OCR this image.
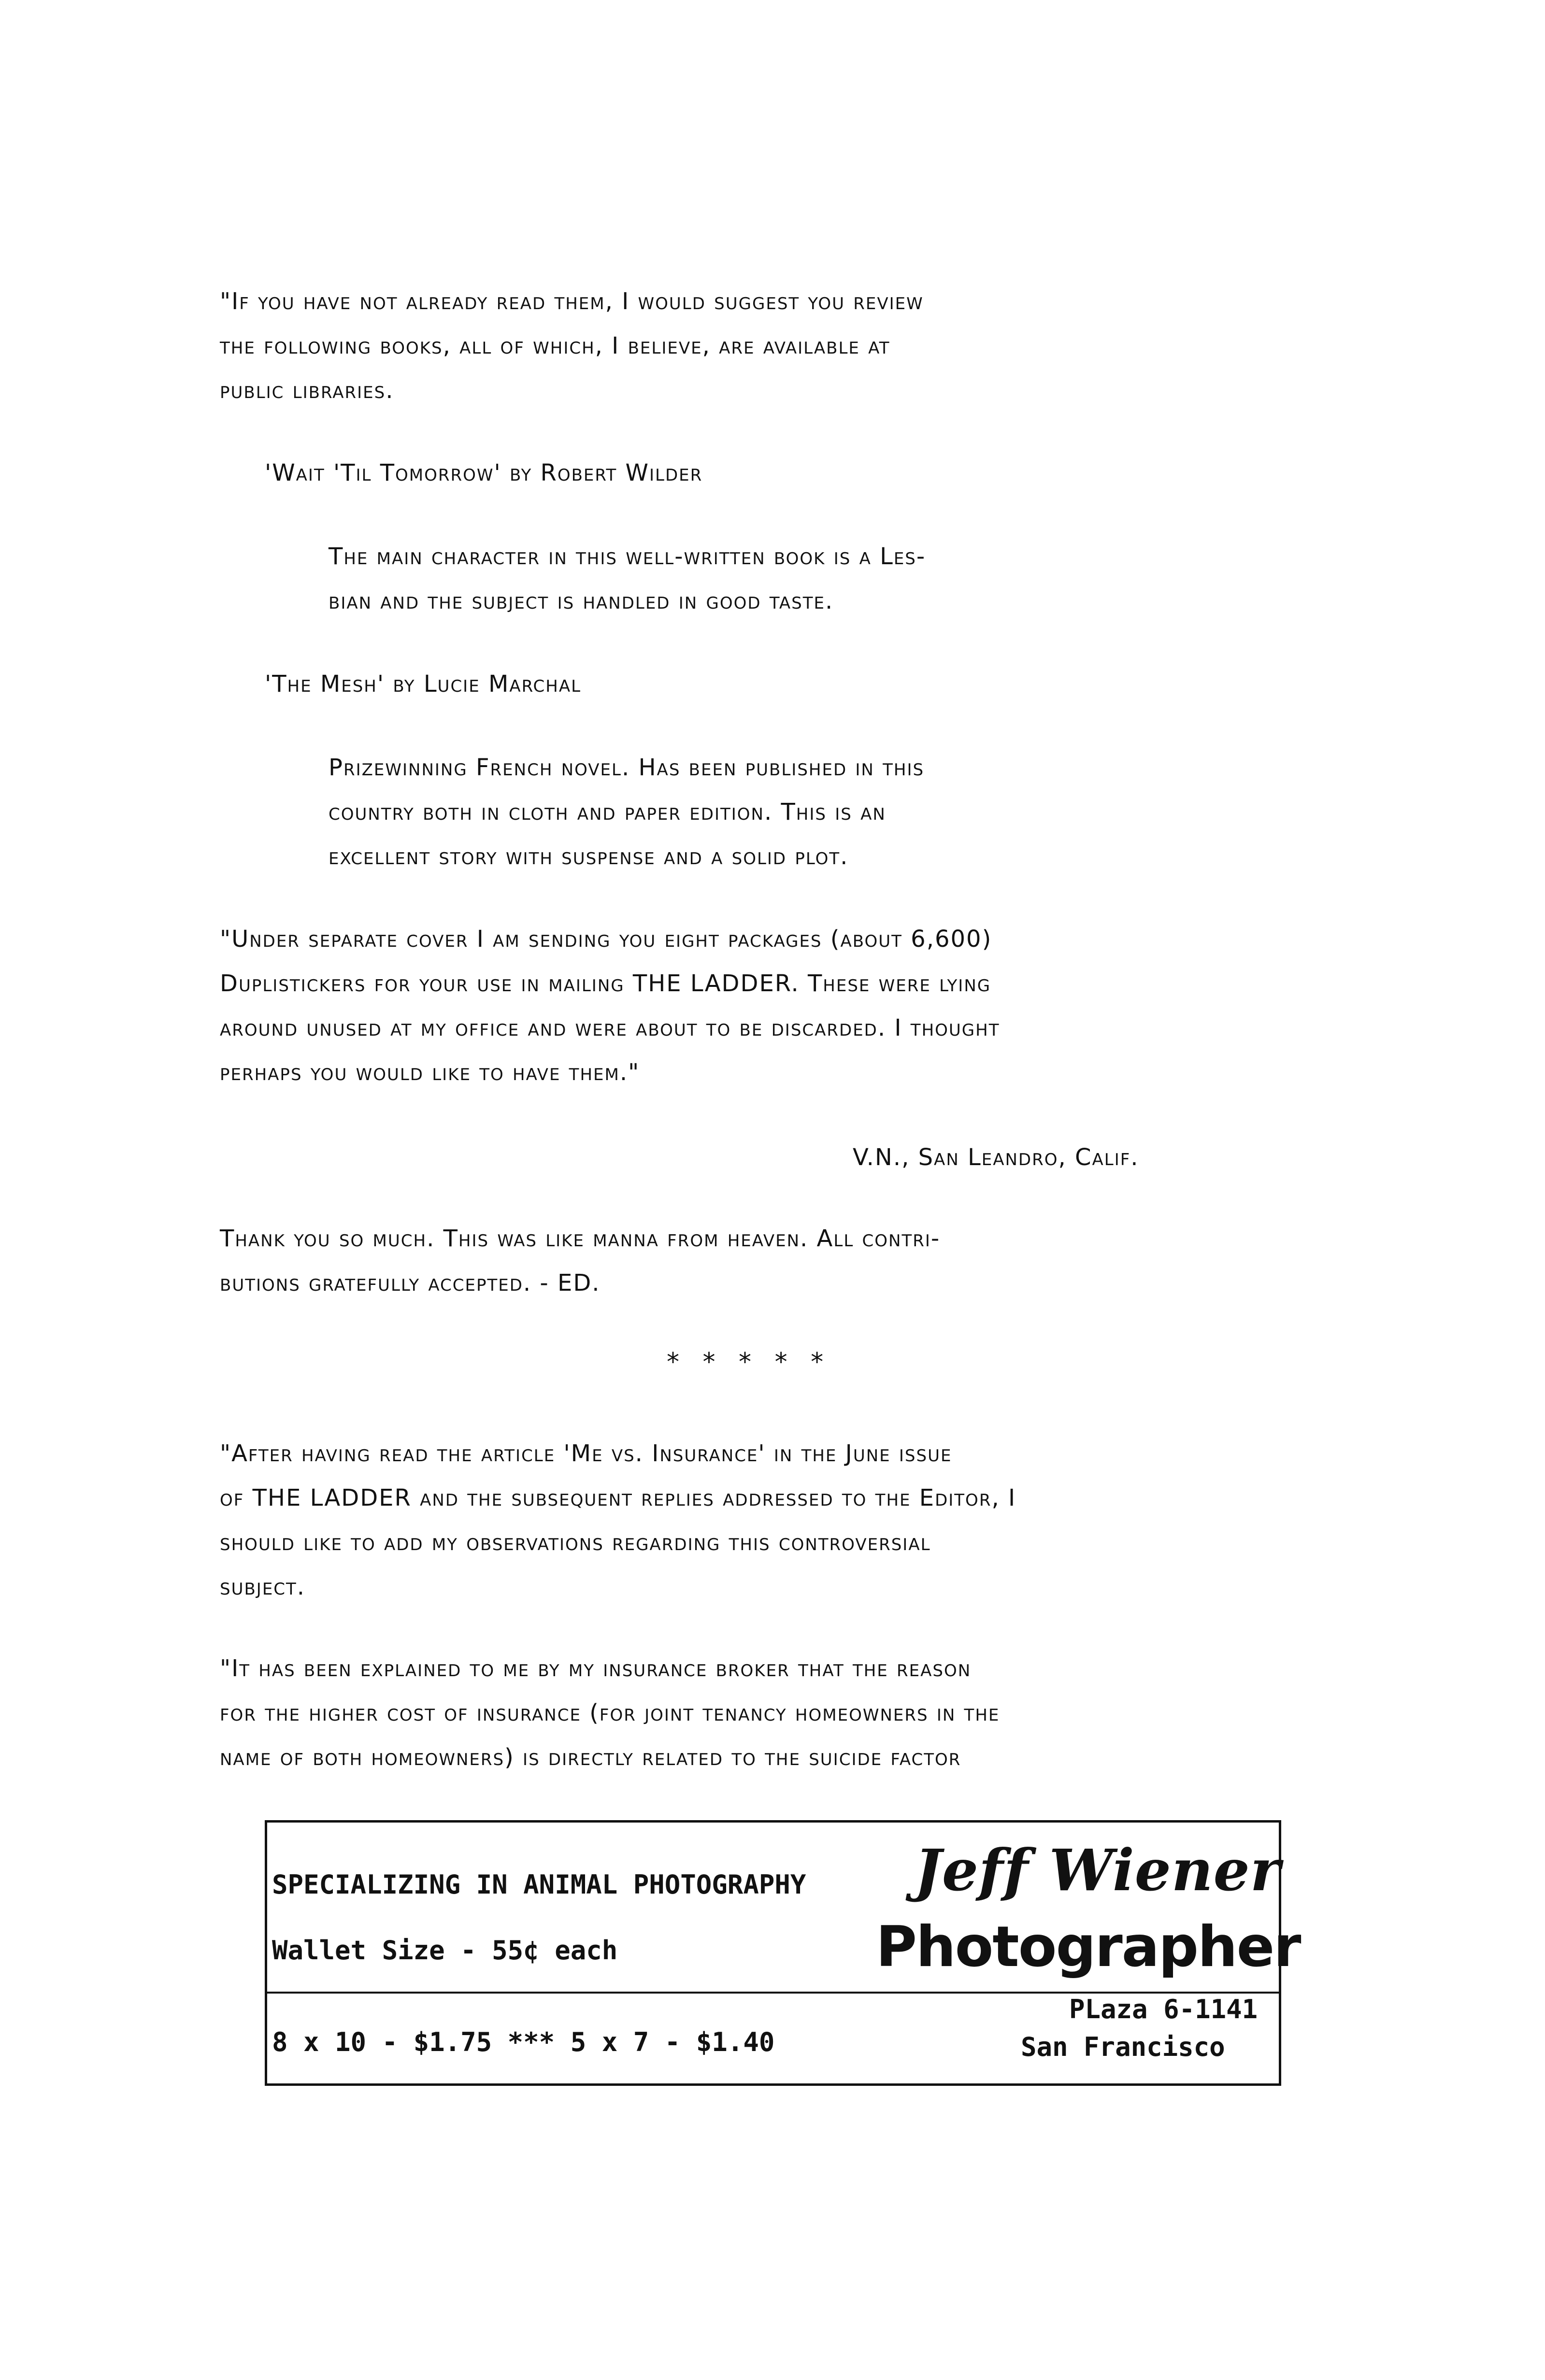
"If you have not already read them, I would suggest you review
the following books, all of which, I believe, are available at
public libraries.
'Wait 'Til Tomorrow' by Robert Wilder
The main character in this well-written book is a Les-
bian and the subject is handled in good taste.
'The Mesh' by Lucie Marchal
Prizewinning French novel. Has been published in this
country both in cloth and paper edition. This is an
excellent story with suspense and a solid plot.
"Under separate cover I am sending you eight packages (about 6,600)
Duplistickers for your use in mailing THE LADDER. These were lying
around unused at my office and were about to be discarded. I thought
perhaps you would like to have them."
V.N., San Leandro, Calif.
Thank you so much. This was like manna from heaven. All contri-
butions gratefully accepted. - ED.
* * * * *
"After having read the article 'Me vs. Insurance' in the June issue
of THE LADDER and the subsequent replies addressed to the Editor, I
should like to add my observations regarding this controversial
subject.
"It has been explained to me by my insurance broker that the reason
for the higher cost of insurance (for joint tenancy homeowners in the
name of both homeowners) is directly related to the suicide factor
SPECIALIZING IN ANIMAL PHOTOGRAPHY
Wallet Size - 55¢ each
8 x 10 - $1.75 *** 5 x 7 - $1.40
Jeff Wiener
Photographer
PLaza 6-1141
San Francisco
